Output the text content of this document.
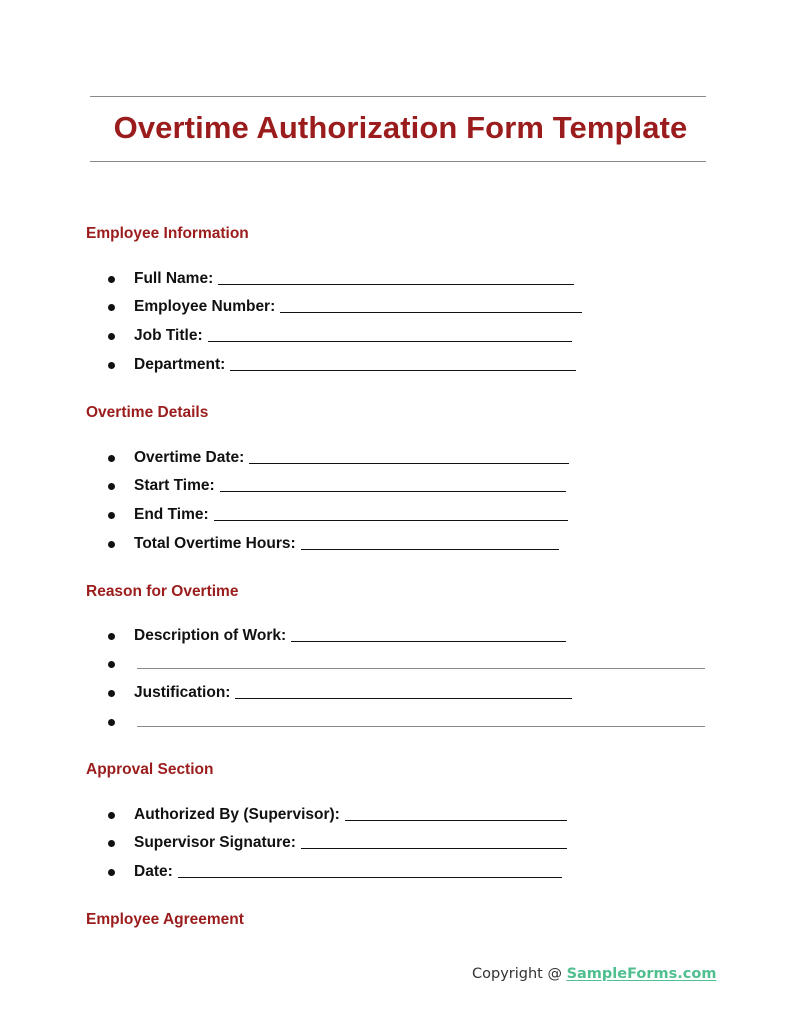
Overtime Authorization Form Template
Employee Information
Full Name:
Employee Number:
Job Title:
Department:
Overtime Details
Overtime Date:
Start Time:
End Time:
Total Overtime Hours:
Reason for Overtime
Description of Work:
Justification:
Approval Section
Authorized By (Supervisor):
Supervisor Signature:
Date:
Employee Agreement
Copyright @ SampleForms.com
